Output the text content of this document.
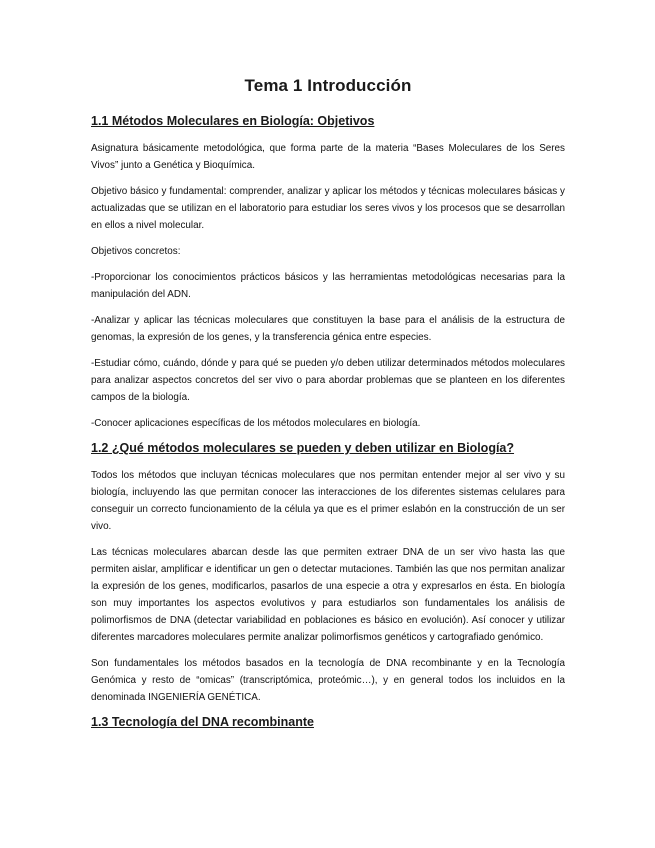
Tema 1 Introducción
1.1 Métodos Moleculares en Biología: Objetivos

Asignatura básicamente metodológica, que forma parte de la materia “Bases Moleculares de los Seres Vivos” junto a Genética y Bioquímica.

Objetivo básico y fundamental: comprender, analizar y aplicar los métodos y técnicas moleculares básicas y actualizadas que se utilizan en el laboratorio para estudiar los seres vivos y los procesos que se desarrollan en ellos a nivel molecular.

Objetivos concretos:

-Proporcionar los conocimientos prácticos básicos y las herramientas metodológicas necesarias para la manipulación del ADN.

-Analizar y aplicar las técnicas moleculares que constituyen la base para el análisis de la estructura de genomas, la expresión de los genes, y la transferencia génica entre especies.

-Estudiar cómo, cuándo, dónde y para qué se pueden y/o deben utilizar determinados métodos moleculares para analizar aspectos concretos del ser vivo o para abordar problemas que se planteen en los diferentes campos de la biología.

-Conocer aplicaciones específicas de los métodos moleculares en biología.

1.2 ¿Qué métodos moleculares se pueden y deben utilizar en Biología?

Todos los métodos que incluyan técnicas moleculares que nos permitan entender mejor al ser vivo y su biología, incluyendo las que permitan conocer las interacciones de los diferentes sistemas celulares para conseguir un correcto funcionamiento de la célula ya que es el primer eslabón en la construcción de un ser vivo.

Las técnicas moleculares abarcan desde las que permiten extraer DNA de un ser vivo hasta las que permiten aislar, amplificar e identificar un gen o detectar mutaciones. También las que nos permitan analizar la expresión de los genes, modificarlos, pasarlos de una especie a otra y expresarlos en ésta. En biología son muy importantes los aspectos evolutivos y para estudiarlos son fundamentales los análisis de polimorfismos de DNA (detectar variabilidad en poblaciones es básico en evolución). Así conocer y utilizar diferentes marcadores moleculares permite analizar polimorfismos genéticos y cartografiado genómico.

Son fundamentales los métodos basados en la tecnología de DNA recombinante y en la Tecnología Genómica y resto de “omicas” (transcriptómica, proteómic…), y en general todos los incluidos en la denominada INGENIERÍA GENÉTICA.

1.3 Tecnología del DNA recombinante
